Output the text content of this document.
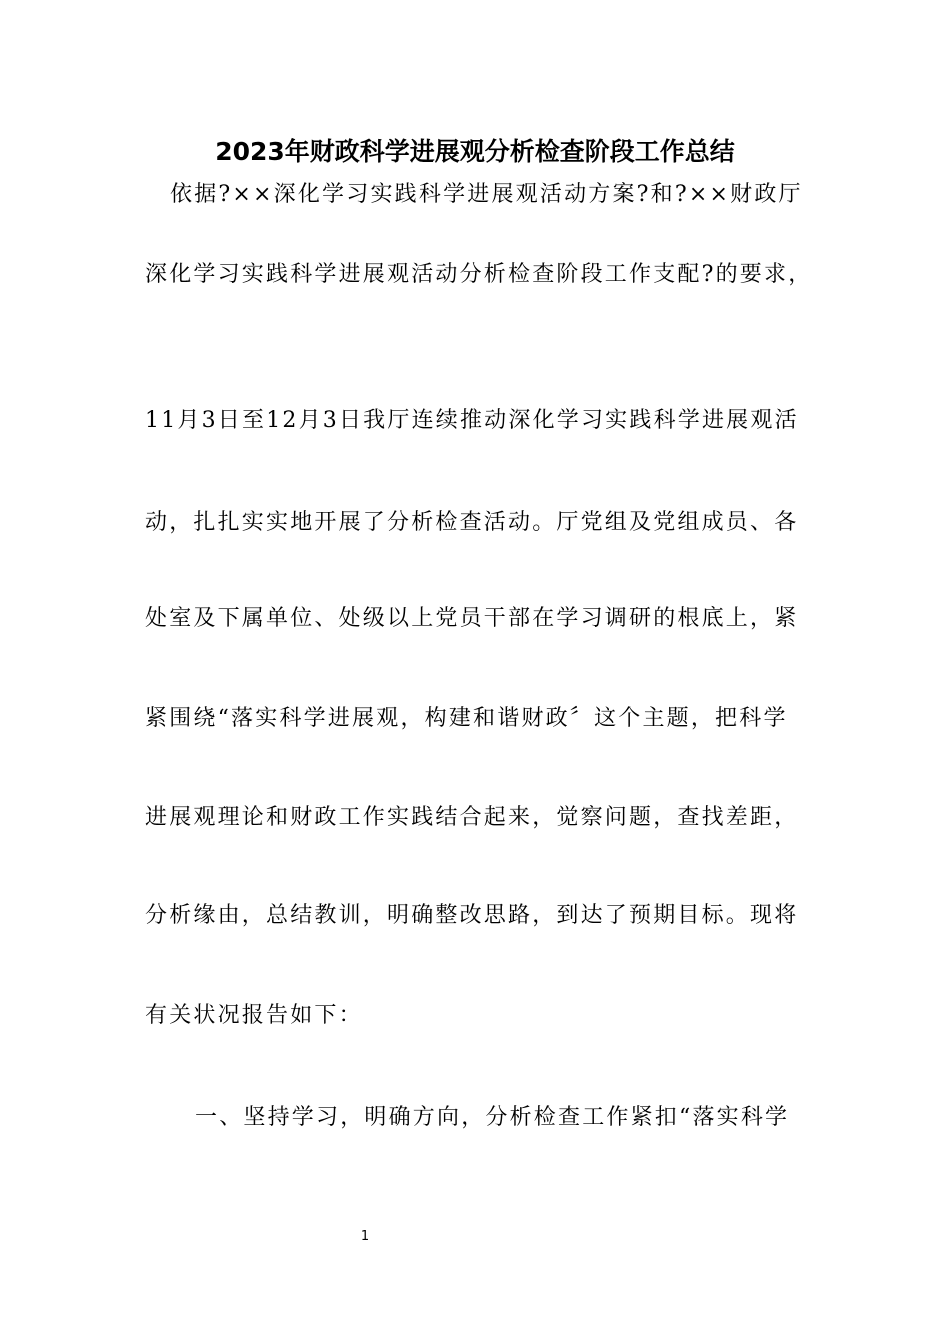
2023年财政科学进展观分析检查阶段工作总结
依据?××深化学习实践科学进展观活动方案?和?××财政厅
深化学习实践科学进展观活动分析检查阶段工作支配?的要求，
11月3日至12月3日我厅连续推动深化学习实践科学进展观活
动，扎扎实实地开展了分析检查活动。厅党组及党组成员、各
处室及下属单位、处级以上党员干部在学习调研的根底上，紧
紧围绕“落实科学进展观，构建和谐财政〞这个主题，把科学
进展观理论和财政工作实践结合起来，觉察问题，查找差距，
分析缘由，总结教训，明确整改思路，到达了预期目标。现将
有关状况报告如下：
一、坚持学习，明确方向，分析检查工作紧扣“落实科学
1
